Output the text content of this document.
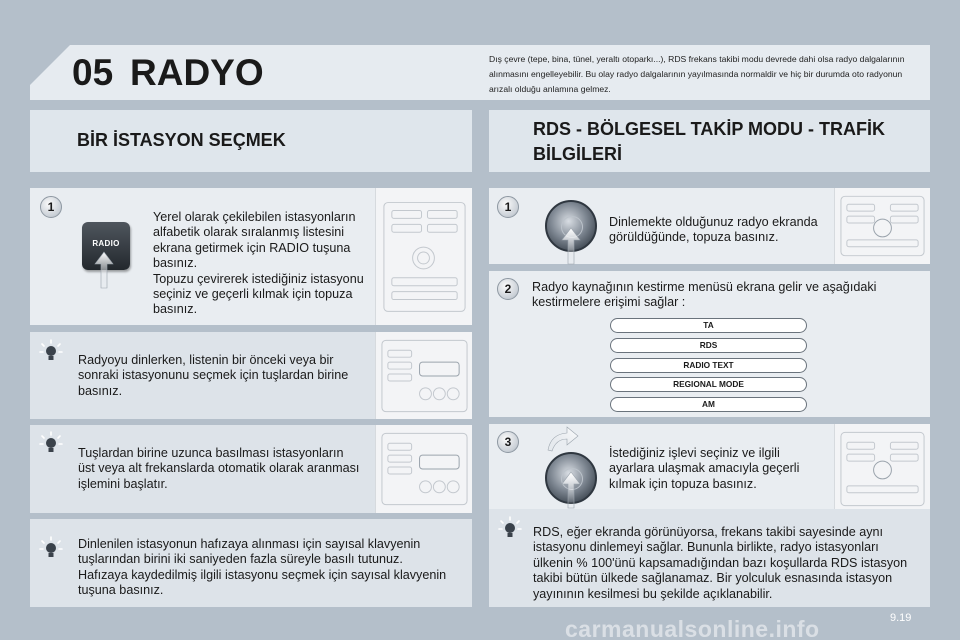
05 RADYO	Dış çevre (tepe, bina, tünel, yeraltı otoparkı...), RDS frekans takibi modu devrede dahi olsa radyo dalgalarının alınmasını engelleyebilir. Bu olay radyo dalgalarının yayılmasında normaldir ve hiç bir durumda oto radyonun arızalı olduğu anlamına gelmez.
BİR İSTASYON SEÇMEK
RDS - BÖLGESEL TAKİP MODU - TRAFİK
BİLGİLERİ
1
RADIO
Yerel olarak çekilebilen istasyonların
alfabetik olarak sıralanmış listesini
ekrana getirmek için RADIO tuşuna
basınız.
Topuzu çevirerek istediğiniz istasyonu
seçiniz ve geçerli kılmak için topuza
basınız.
Radyoyu dinlerken, listenin bir önceki veya bir
sonraki istasyonunu seçmek için tuşlardan birine
basınız.
Tuşlardan birine uzunca basılması istasyonların
üst veya alt frekanslarda otomatik olarak aranması
işlemini başlatır.
Dinlenilen istasyonun hafızaya alınması için sayısal klavyenin
tuşlarından birini iki saniyeden fazla süreyle basılı tutunuz.
Hafızaya kaydedilmiş ilgili istasyonu seçmek için sayısal klavyenin
tuşuna basınız.
1
Dinlemekte olduğunuz radyo ekranda
görüldüğünde, topuza basınız.
2	Radyo kaynağının kestirme menüsü ekrana gelir ve aşağıdaki
kestirmelere erişimi sağlar :
TA
RDS
RADIO TEXT
REGIONAL MODE
AM
3
İstediğiniz işlevi seçiniz ve ilgili
ayarlara ulaşmak amacıyla geçerli
kılmak için topuza basınız.
RDS, eğer ekranda görünüyorsa, frekans takibi sayesinde aynı
istasyonu dinlemeyi sağlar. Bununla birlikte, radyo istasyonları
ülkenin % 100'ünü kapsamadığından bazı koşullarda RDS istasyon
takibi bütün ülkede sağlanamaz. Bir yolculuk esnasında istasyon
yayınının kesilmesi bu şekilde açıklanabilir.
carmanualsonline.info	9.19
